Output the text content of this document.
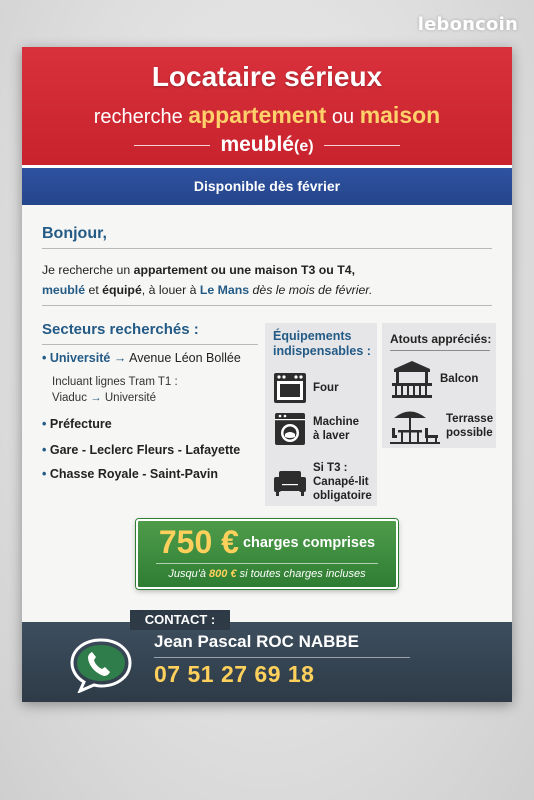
leboncoin
Locataire sérieux
recherche appartement ou maison
meublé(e)
Disponible dès février
Bonjour,
Je recherche un appartement ou une maison T3 ou T4,
meublé et équipé, à louer à Le Mans dès le mois de février.
Secteurs recherchés :
• Université → Avenue Léon Bollée
Incluant lignes Tram T1 :
Viaduc → Université
• Préfecture
• Gare - Leclerc Fleurs - Lafayette
• Chasse Royale - Saint-Pavin
Équipements
indispensables :
Four
Machine
à laver
Si T3 :
Canapé-lit
obligatoire
Atouts appréciés:
Balcon
Terrasse
possible
750 € charges comprises
Jusqu'à 800 € si toutes charges incluses
CONTACT :
Jean Pascal ROC NABBE
07 51 27 69 18
